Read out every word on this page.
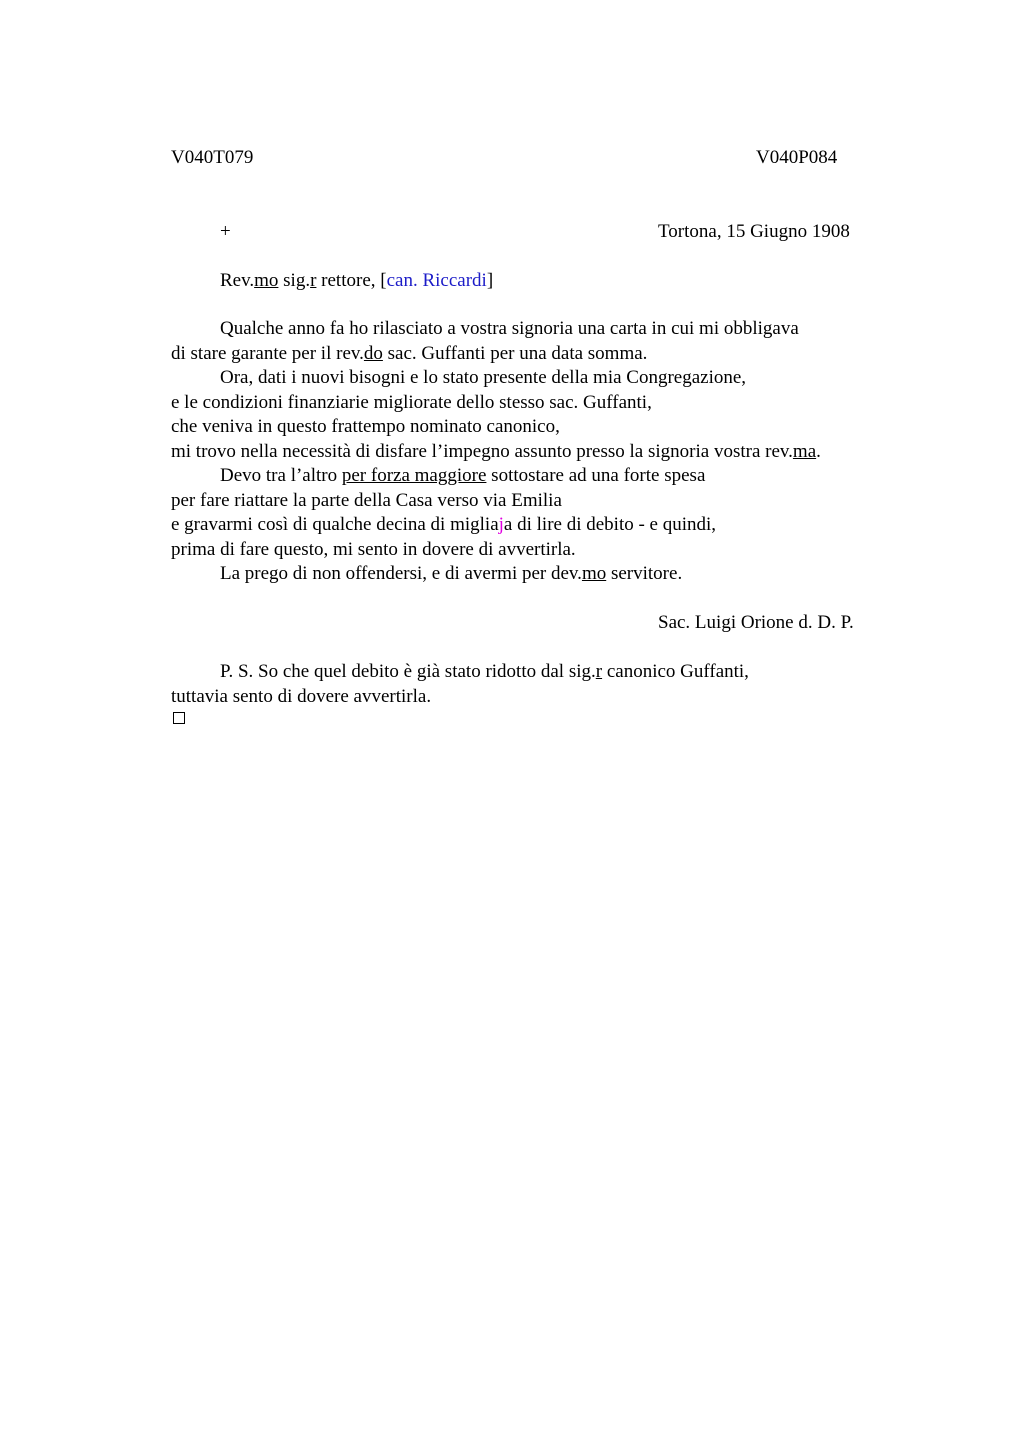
V040T079	V040P084
+	Tortona, 15 Giugno 1908
Rev.mo sig.r rettore, [can. Riccardi]
Qualche anno fa ho rilasciato a vostra signoria una carta in cui mi obbligava
di stare garante per il rev.do sac. Guffanti per una data somma.
Ora, dati i nuovi bisogni e lo stato presente della mia Congregazione,
e le condizioni finanziarie migliorate dello stesso sac. Guffanti,
che veniva in questo frattempo nominato canonico,
mi trovo nella necessità di disfare l’impegno assunto presso la signoria vostra rev.ma.
Devo tra l’altro per forza maggiore sottostare ad una forte spesa
per fare riattare la parte della Casa verso via Emilia
e gravarmi così di qualche decina di migliaja di lire di debito - e quindi,
prima di fare questo, mi sento in dovere di avvertirla.
La prego di non offendersi, e di avermi per dev.mo servitore.
Sac. Luigi Orione d. D. P.
P. S. So che quel debito è già stato ridotto dal sig.r canonico Guffanti,
tuttavia sento di dovere avvertirla.
